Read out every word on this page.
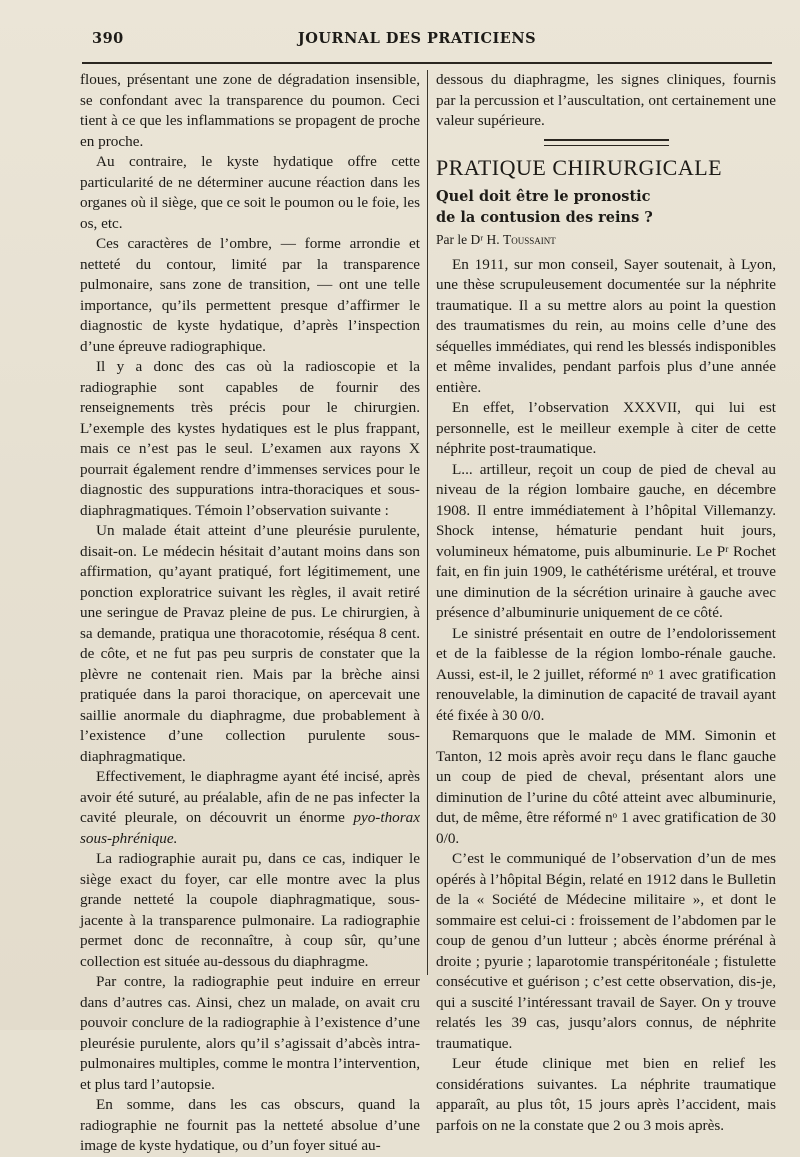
390	JOURNAL DES PRATICIENS

floues, présentant une zone de dégradation insensible, se confondant avec la transparence du poumon. Ceci tient à ce que les inflammations se propagent de proche en proche.

Au contraire, le kyste hydatique offre cette particularité de ne déterminer aucune réaction dans les organes où il siège, que ce soit le poumon ou le foie, les os, etc.

Ces caractères de l’ombre, — forme arrondie et netteté du contour, limité par la transparence pulmonaire, sans zone de transition, — ont une telle importance, qu’ils permettent presque d’affirmer le diagnostic de kyste hydatique, d’après l’inspection d’une épreuve radiographique.

Il y a donc des cas où la radioscopie et la radiographie sont capables de fournir des renseignements très précis pour le chirurgien. L’exemple des kystes hydatiques est le plus frappant, mais ce n’est pas le seul. L’examen aux rayons X pourrait également rendre d’immenses services pour le diagnostic des suppurations intra-thoraciques et sous-diaphragmatiques. Témoin l’observation suivante :

Un malade était atteint d’une pleurésie purulente, disait-on. Le médecin hésitait d’autant moins dans son affirmation, qu’ayant pratiqué, fort légitimement, une ponction exploratrice suivant les règles, il avait retiré une seringue de Pravaz pleine de pus. Le chirurgien, à sa demande, pratiqua une thoracotomie, réséqua 8 cent. de côte, et ne fut pas peu surpris de constater que la plèvre ne contenait rien. Mais par la brèche ainsi pratiquée dans la paroi thoracique, on apercevait une saillie anormale du diaphragme, due probablement à l’existence d’une collection purulente sous-diaphragmatique.

Effectivement, le diaphragme ayant été incisé, après avoir été suturé, au préalable, afin de ne pas infecter la cavité pleurale, on découvrit un énorme pyo-thorax sous-phrénique.

La radiographie aurait pu, dans ce cas, indiquer le siège exact du foyer, car elle montre avec la plus grande netteté la coupole diaphragmatique, sous-jacente à la transparence pulmonaire. La radiographie permet donc de reconnaître, à coup sûr, qu’une collection est située au-dessous du diaphragme.

Par contre, la radiographie peut induire en erreur dans d’autres cas. Ainsi, chez un malade, on avait cru pouvoir conclure de la radiographie à l’existence d’une pleurésie purulente, alors qu’il s’agissait d’abcès intra-pulmonaires multiples, comme le montra l’intervention, et plus tard l’autopsie.

En somme, dans les cas obscurs, quand la radiographie ne fournit pas la netteté absolue d’une image de kyste hydatique, ou d’un foyer situé au-

dessous du diaphragme, les signes cliniques, fournis par la percussion et l’auscultation, ont certainement une valeur supérieure.

PRATIQUE CHIRURGICALE
Quel doit être le pronostic
de la contusion des reins ?
Par le Dʳ H. Toussaint

En 1911, sur mon conseil, Sayer soutenait, à Lyon, une thèse scrupuleusement documentée sur la néphrite traumatique. Il a su mettre alors au point la question des traumatismes du rein, au moins celle d’une des séquelles immédiates, qui rend les blessés indisponibles et même invalides, pendant parfois plus d’une année entière.

En effet, l’observation XXXVII, qui lui est personnelle, est le meilleur exemple à citer de cette néphrite post-traumatique.

L... artilleur, reçoit un coup de pied de cheval au niveau de la région lombaire gauche, en décembre 1908. Il entre immédiatement à l’hôpital Villemanzy. Shock intense, hématurie pendant huit jours, volumineux hématome, puis albuminurie. Le Pʳ Rochet fait, en fin juin 1909, le cathétérisme urétéral, et trouve une diminution de la sécrétion urinaire à gauche avec présence d’albuminurie uniquement de ce côté.

Le sinistré présentait en outre de l’endolorissement et de la faiblesse de la région lombo-rénale gauche. Aussi, est-il, le 2 juillet, réformé nᵒ 1 avec gratification renouvelable, la diminution de capacité de travail ayant été fixée à 30 0/0.

Remarquons que le malade de MM. Simonin et Tanton, 12 mois après avoir reçu dans le flanc gauche un coup de pied de cheval, présentant alors une diminution de l’urine du côté atteint avec albuminurie, dut, de même, être réformé nᵒ 1 avec gratification de 30 0/0.

C’est le communiqué de l’observation d’un de mes opérés à l’hôpital Bégin, relaté en 1912 dans le Bulletin de la « Société de Médecine militaire », et dont le sommaire est celui-ci : froissement de l’abdomen par le coup de genou d’un lutteur ; abcès énorme prérénal à droite ; pyurie ; laparotomie transpéritonéale ; fistulette consécutive et guérison ; c’est cette observation, dis-je, qui a suscité l’intéressant travail de Sayer. On y trouve relatés les 39 cas, jusqu’alors connus, de néphrite traumatique.

Leur étude clinique met bien en relief les considérations suivantes. La néphrite traumatique apparaît, au plus tôt, 15 jours après l’accident, mais parfois on ne la constate que 2 ou 3 mois après.
